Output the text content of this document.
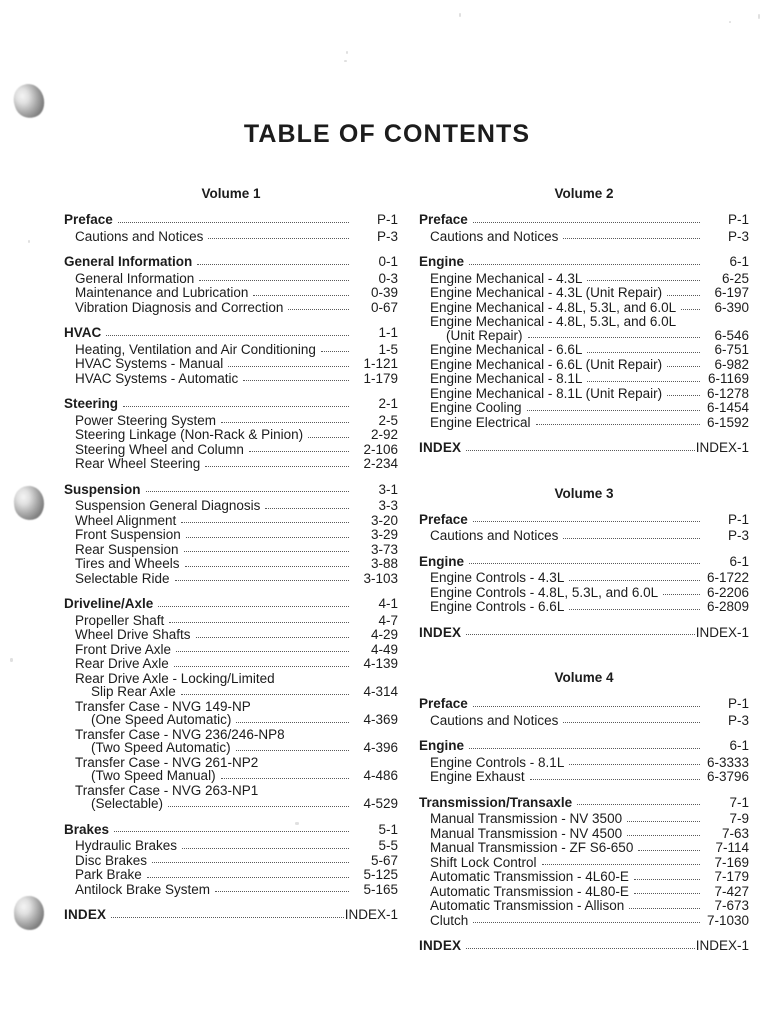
TABLE OF CONTENTS
Volume 1
Preface	P-1
Cautions and Notices	P-3
General Information	0-1
General Information	0-3
Maintenance and Lubrication	0-39
Vibration Diagnosis and Correction	0-67
HVAC	1-1
Heating, Ventilation and Air Conditioning	1-5
HVAC Systems - Manual	1-121
HVAC Systems - Automatic	1-179
Steering	2-1
Power Steering System	2-5
Steering Linkage (Non-Rack & Pinion)	2-92
Steering Wheel and Column	2-106
Rear Wheel Steering	2-234
Suspension	3-1
Suspension General Diagnosis	3-3
Wheel Alignment	3-20
Front Suspension	3-29
Rear Suspension	3-73
Tires and Wheels	3-88
Selectable Ride	3-103
Driveline/Axle	4-1
Propeller Shaft	4-7
Wheel Drive Shafts	4-29
Front Drive Axle	4-49
Rear Drive Axle	4-139
Rear Drive Axle - Locking/Limited
Slip Rear Axle	4-314
Transfer Case - NVG 149-NP
(One Speed Automatic)	4-369
Transfer Case - NVG 236/246-NP8
(Two Speed Automatic)	4-396
Transfer Case - NVG 261-NP2
(Two Speed Manual)	4-486
Transfer Case - NVG 263-NP1
(Selectable)	4-529
Brakes	5-1
Hydraulic Brakes	5-5
Disc Brakes	5-67
Park Brake	5-125
Antilock Brake System	5-165
INDEX	INDEX-1
Volume 2
Preface	P-1
Cautions and Notices	P-3
Engine	6-1
Engine Mechanical - 4.3L	6-25
Engine Mechanical - 4.3L (Unit Repair)	6-197
Engine Mechanical - 4.8L, 5.3L, and 6.0L	6-390
Engine Mechanical - 4.8L, 5.3L, and 6.0L
(Unit Repair)	6-546
Engine Mechanical - 6.6L	6-751
Engine Mechanical - 6.6L (Unit Repair)	6-982
Engine Mechanical - 8.1L	6-1169
Engine Mechanical - 8.1L (Unit Repair)	6-1278
Engine Cooling	6-1454
Engine Electrical	6-1592
INDEX	INDEX-1
Volume 3
Preface	P-1
Cautions and Notices	P-3
Engine	6-1
Engine Controls - 4.3L	6-1722
Engine Controls - 4.8L, 5.3L, and 6.0L	6-2206
Engine Controls - 6.6L	6-2809
INDEX	INDEX-1
Volume 4
Preface	P-1
Cautions and Notices	P-3
Engine	6-1
Engine Controls - 8.1L	6-3333
Engine Exhaust	6-3796
Transmission/Transaxle	7-1
Manual Transmission - NV 3500	7-9
Manual Transmission - NV 4500	7-63
Manual Transmission - ZF S6-650	7-114
Shift Lock Control	7-169
Automatic Transmission - 4L60-E	7-179
Automatic Transmission - 4L80-E	7-427
Automatic Transmission - Allison	7-673
Clutch	7-1030
INDEX	INDEX-1
